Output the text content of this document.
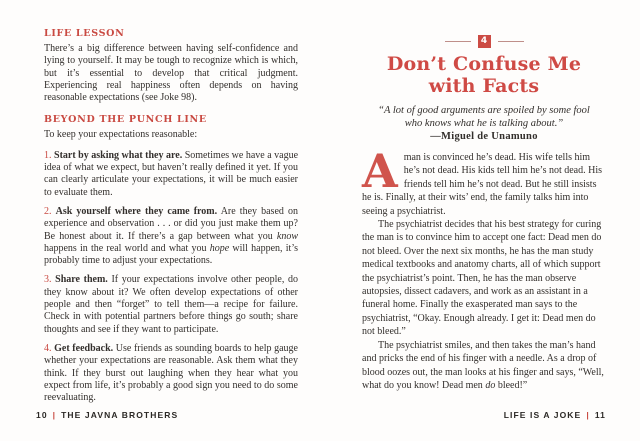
LIFE LESSON

There’s a big difference between having self-confidence and lying to yourself. It may be tough to recognize which is which, but it’s essential to develop that critical judgment. Experiencing real happiness often depends on having reasonable expectations (see Joke 98).

BEYOND THE PUNCH LINE

To keep your expectations reasonable:

1. Start by asking what they are. Sometimes we have a vague idea of what we expect, but haven’t really defined it yet. If you can clearly articulate your expectations, it will be much easier to evaluate them.

2. Ask yourself where they came from. Are they based on experience and observation . . . or did you just make them up? Be honest about it. If there’s a gap between what you know happens in the real world and what you hope will happen, it’s probably time to adjust your expectations.

3. Share them. If your expectations involve other people, do they know about it? We often develop expectations of other people and then “forget” to tell them—a recipe for failure. Check in with potential partners before things go south; share thoughts and see if they want to participate.

4. Get feedback. Use friends as sounding boards to help gauge whether your expectations are reasonable. Ask them what they think. If they burst out laughing when they hear what you expect from life, it’s probably a good sign you need to do some reevaluating.

4
Don’t Confuse Me with Facts

“A lot of good arguments are spoiled by some fool

who knows what he is talking about.”

—Miguel de Unamuno

A man is convinced he’s dead. His wife tells him he’s not dead. His kids tell him he’s not dead. His friends tell him he’s not dead. But he still insists he is. Finally, at their wits’ end, the family talks him into seeing a psychiatrist.

The psychiatrist decides that his best strategy for curing the man is to convince him to accept one fact: Dead men do not bleed. Over the next six months, he has the man study medical textbooks and anatomy charts, all of which support the psychiatrist’s point. Then, he has the man observe autopsies, dissect cadavers, and work as an assistant in a funeral home. Finally the exasperated man says to the psychiatrist, “Okay. Enough already. I get it: Dead men do not bleed.”

The psychiatrist smiles, and then takes the man’s hand and pricks the end of his finger with a needle. As a drop of blood oozes out, the man looks at his finger and says, “Well, what do you know! Dead men do bleed!”

10 | THE JAVNA BROTHERS	LIFE IS A JOKE | 11
